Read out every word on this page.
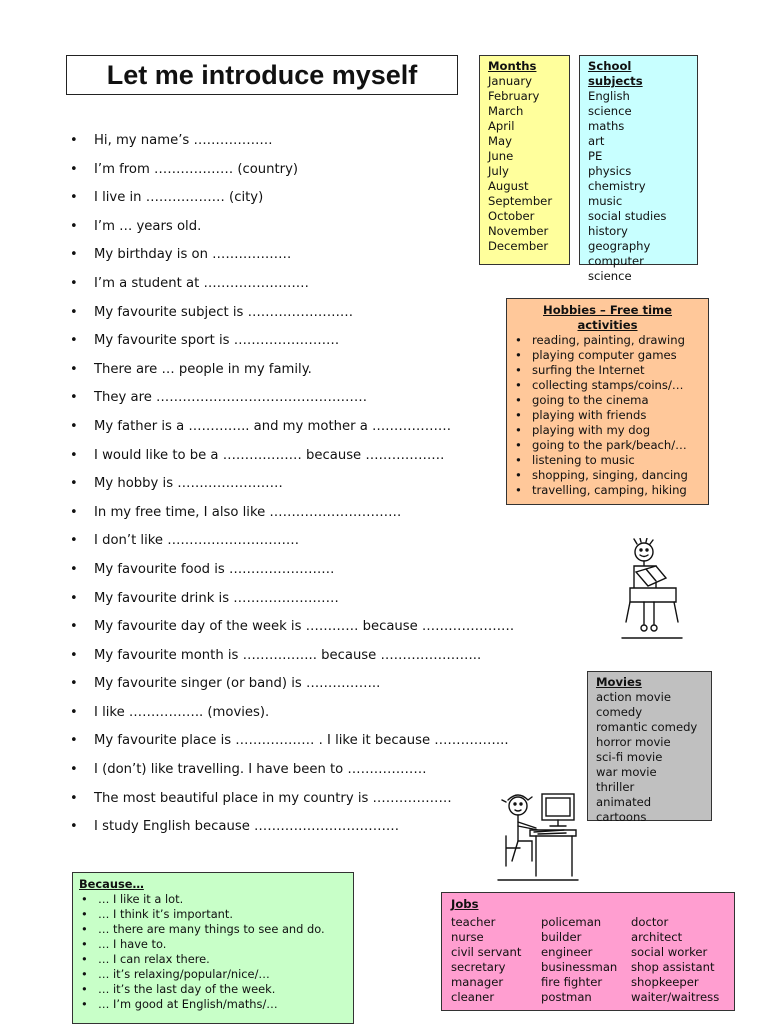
Let me introduce myself
• Hi, my name’s ………………
• I’m from ……………… (country)
• I live in ……………… (city)
• I’m … years old.
• My birthday is on ………………
• I’m a student at ……………………
• My favourite subject is ……………………
• My favourite sport is ……………………
• There are … people in my family.
• They are …………………………………………
• My father is a ………….. and my mother a ………………
• I would like to be a ……………… because ………………
• My hobby is ……………………
• In my free time, I also like …………………………
• I don’t like …………………………
• My favourite food is ……………………
• My favourite drink is ……………………
• My favourite day of the week is ………… because …………………
• My favourite month is …………….. because …………………..
• My favourite singer (or band) is ……………..
• I like …………….. (movies).
• My favourite place is ……………… . I like it because ……………..
• I (don’t) like travelling. I have been to ………………
• The most beautiful place in my country is ………………
• I study English because ……………………………
Months
January
February
March
April
May
June
July
August
September
October
November
December
School subjects
English
science
maths
art
PE
physics
chemistry
music
social studies
history
geography
computer science
Hobbies – Free time activities
• reading, painting, drawing
• playing computer games
• surfing the Internet
• collecting stamps/coins/…
• going to the cinema
• playing with friends
• playing with my dog
• going to the park/beach/…
• listening to music
• shopping, singing, dancing
• travelling, camping, hiking
Movies
action movie
comedy
romantic comedy
horror movie
sci-fi movie
war movie
thriller
animated cartoons
Because…
• … I like it a lot.
• … I think it’s important.
• … there are many things to see and do.
• … I have to.
• … I can relax there.
• … it’s relaxing/popular/nice/…
• … it’s the last day of the week.
• … I’m good at English/maths/…
Jobs
teacher
nurse
civil servant
secretary
manager
cleaner
policeman
builder
engineer
businessman
fire fighter
postman
doctor
architect
social worker
shop assistant
shopkeeper
waiter/waitress
